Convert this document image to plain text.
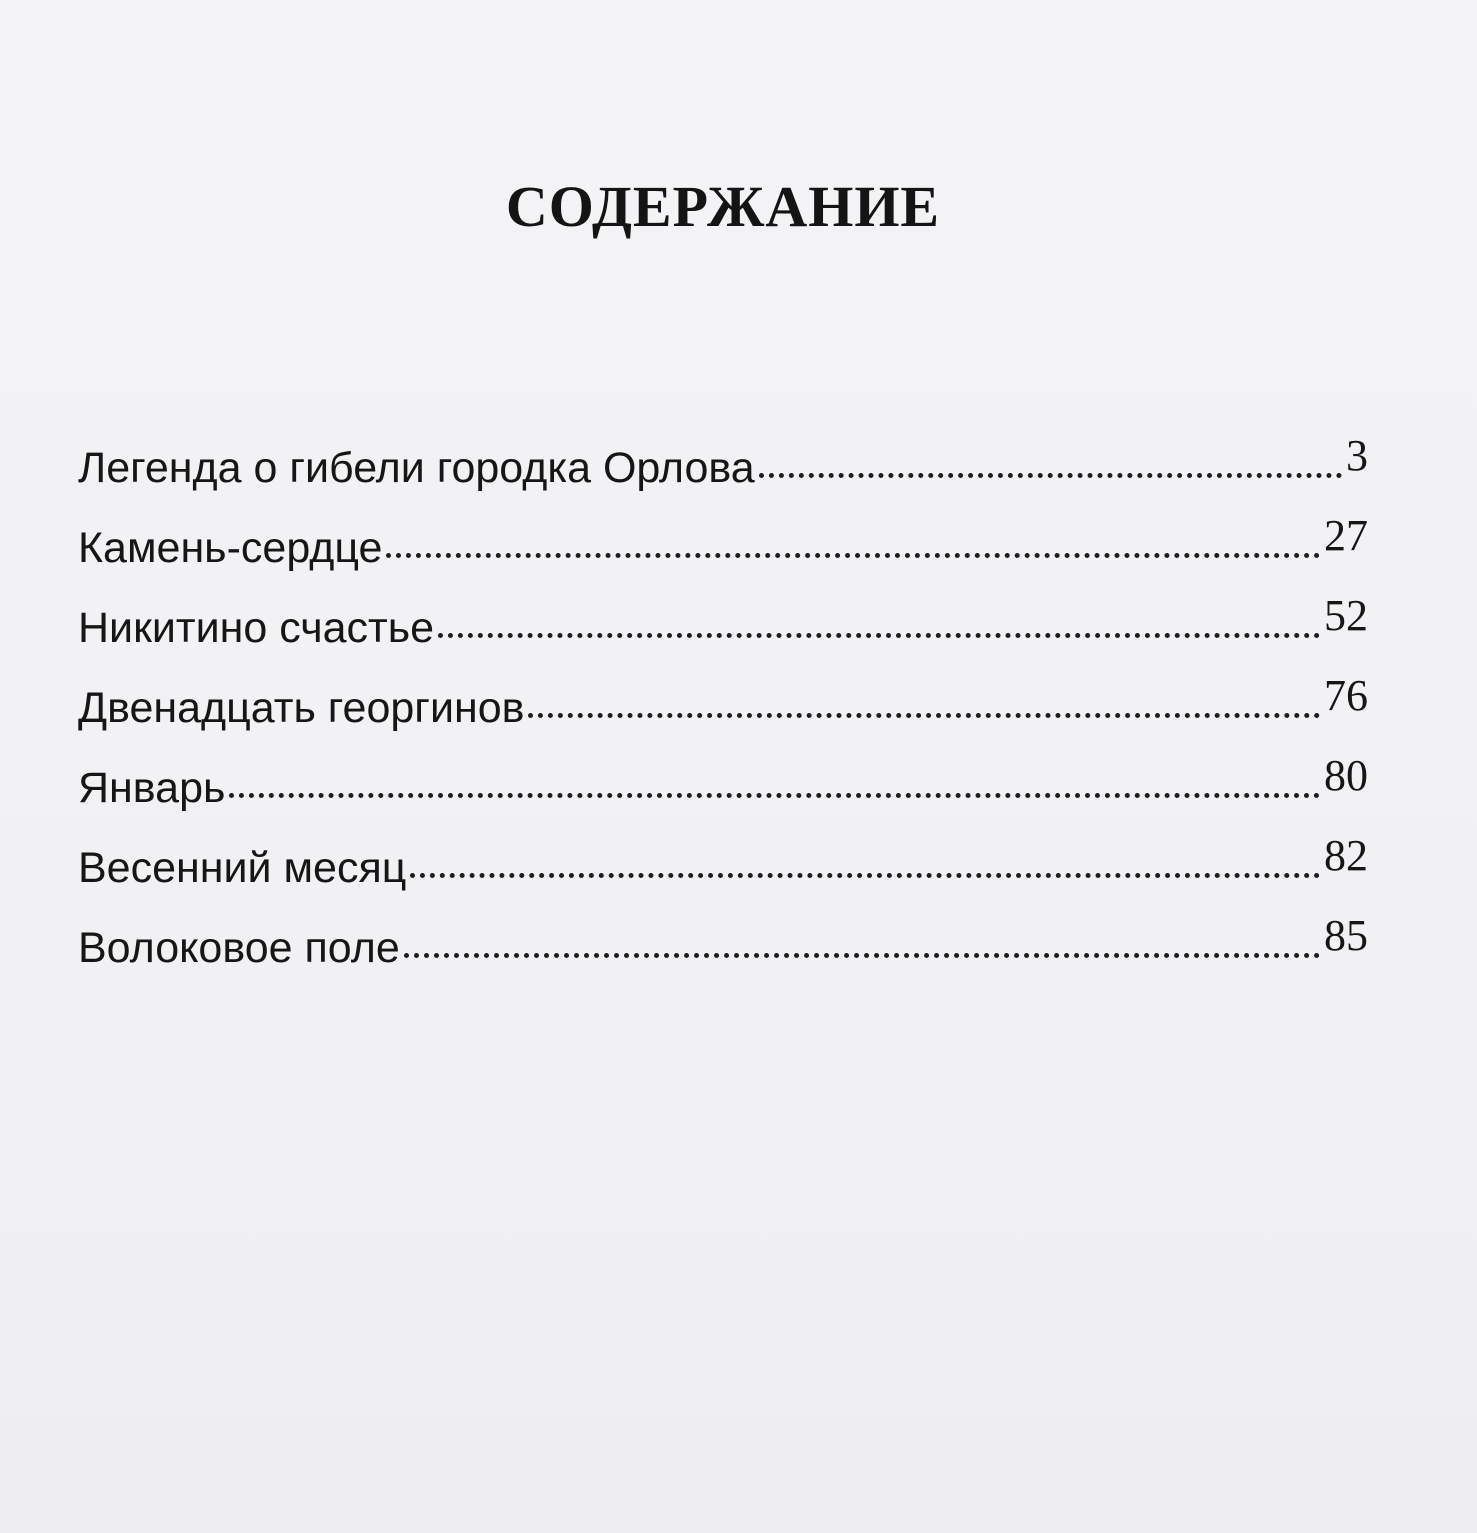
СОДЕРЖАНИЕ
Легенда о гибели городка Орлова	3
Камень-сердце	27
Никитино счастье	52
Двенадцать георгинов	76
Январь	80
Весенний месяц	82
Волоковое поле	85
